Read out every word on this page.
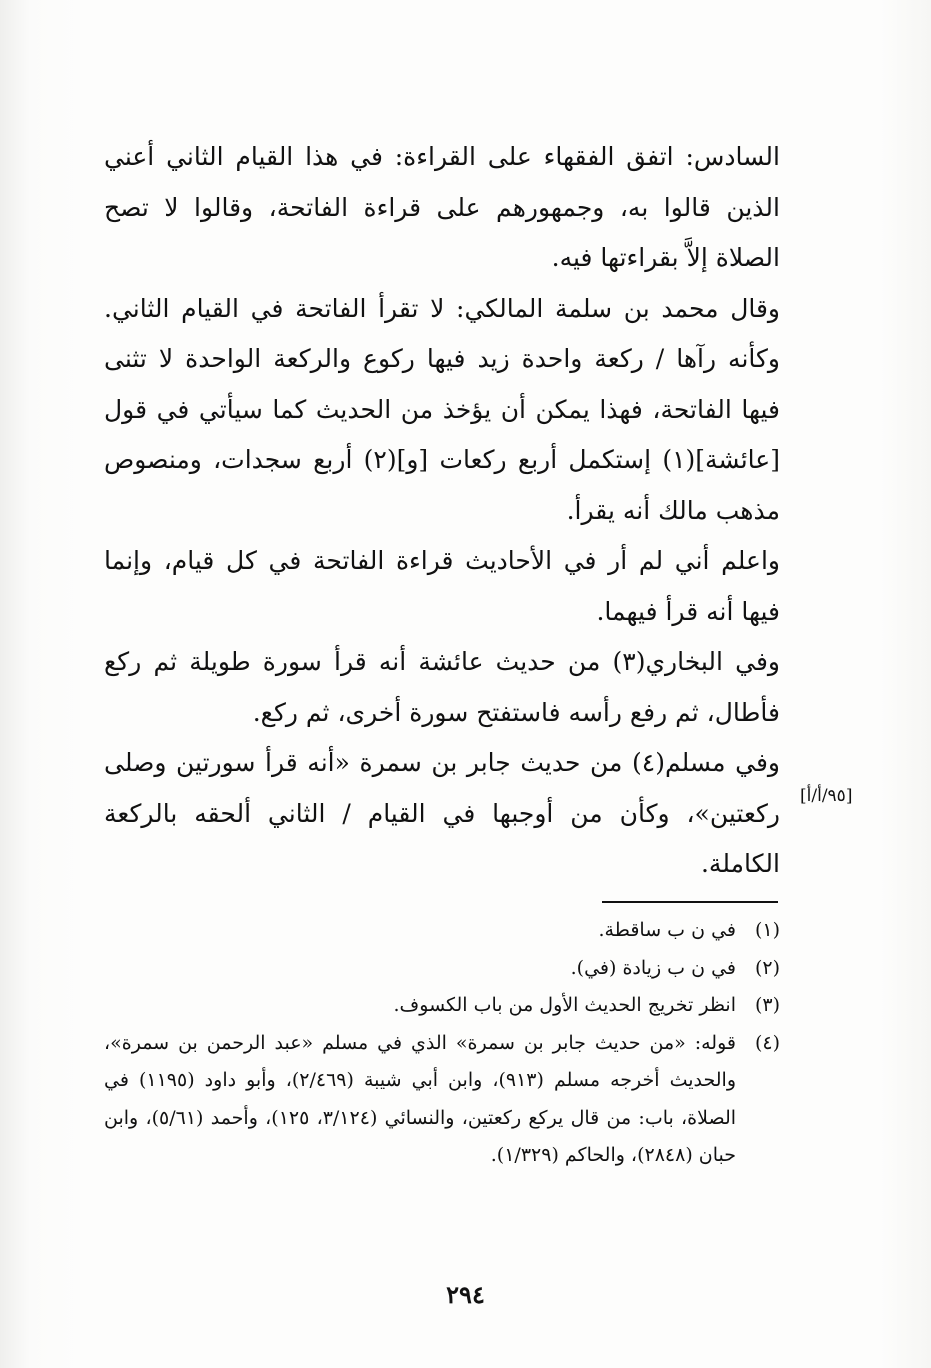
السادس: اتفق الفقهاء على القراءة: في هذا القيام الثاني أعني الذين قالوا به، وجمهورهم على قراءة الفاتحة، وقالوا لا تصح الصلاة إلاَّ بقراءتها فيه.

وقال محمد بن سلمة المالكي: لا تقرأ الفاتحة في القيام الثاني. وكأنه رآها / ركعة واحدة زيد فيها ركوع والركعة الواحدة لا تثنى فيها الفاتحة، فهذا يمكن أن يؤخذ من الحديث كما سيأتي في قول [عائشة](١) إستكمل أربع ركعات [و](٢) أربع سجدات، ومنصوص مذهب مالك أنه يقرأ.

واعلم أني لم أر في الأحاديث قراءة الفاتحة في كل قيام، وإنما فيها أنه قرأ فيهما.

وفي البخاري(٣) من حديث عائشة أنه قرأ سورة طويلة ثم ركع فأطال، ثم رفع رأسه فاستفتح سورة أخرى، ثم ركع.

وفي مسلم(٤) من حديث جابر بن سمرة «أنه قرأ سورتين وصلى ركعتين»، وكأن من أوجبها في القيام / الثاني ألحقه بالركعة الكاملة.

[٩٥/أ/أ]
(١)
في ن ب ساقطة.
(٢)
في ن ب زيادة (في).
(٣)
انظر تخريج الحديث الأول من باب الكسوف.
(٤)
قوله: «من حديث جابر بن سمرة» الذي في مسلم «عبد الرحمن بن سمرة»، والحديث أخرجه مسلم (٩١٣)، وابن أبي شيبة (٢/٤٦٩)، وأبو داود (١١٩٥) في الصلاة، باب: من قال يركع ركعتين، والنسائي (٣/١٢٤، ١٢٥)، وأحمد (٥/٦١)، وابن حبان (٢٨٤٨)، والحاكم (١/٣٢٩).
٢٩٤
